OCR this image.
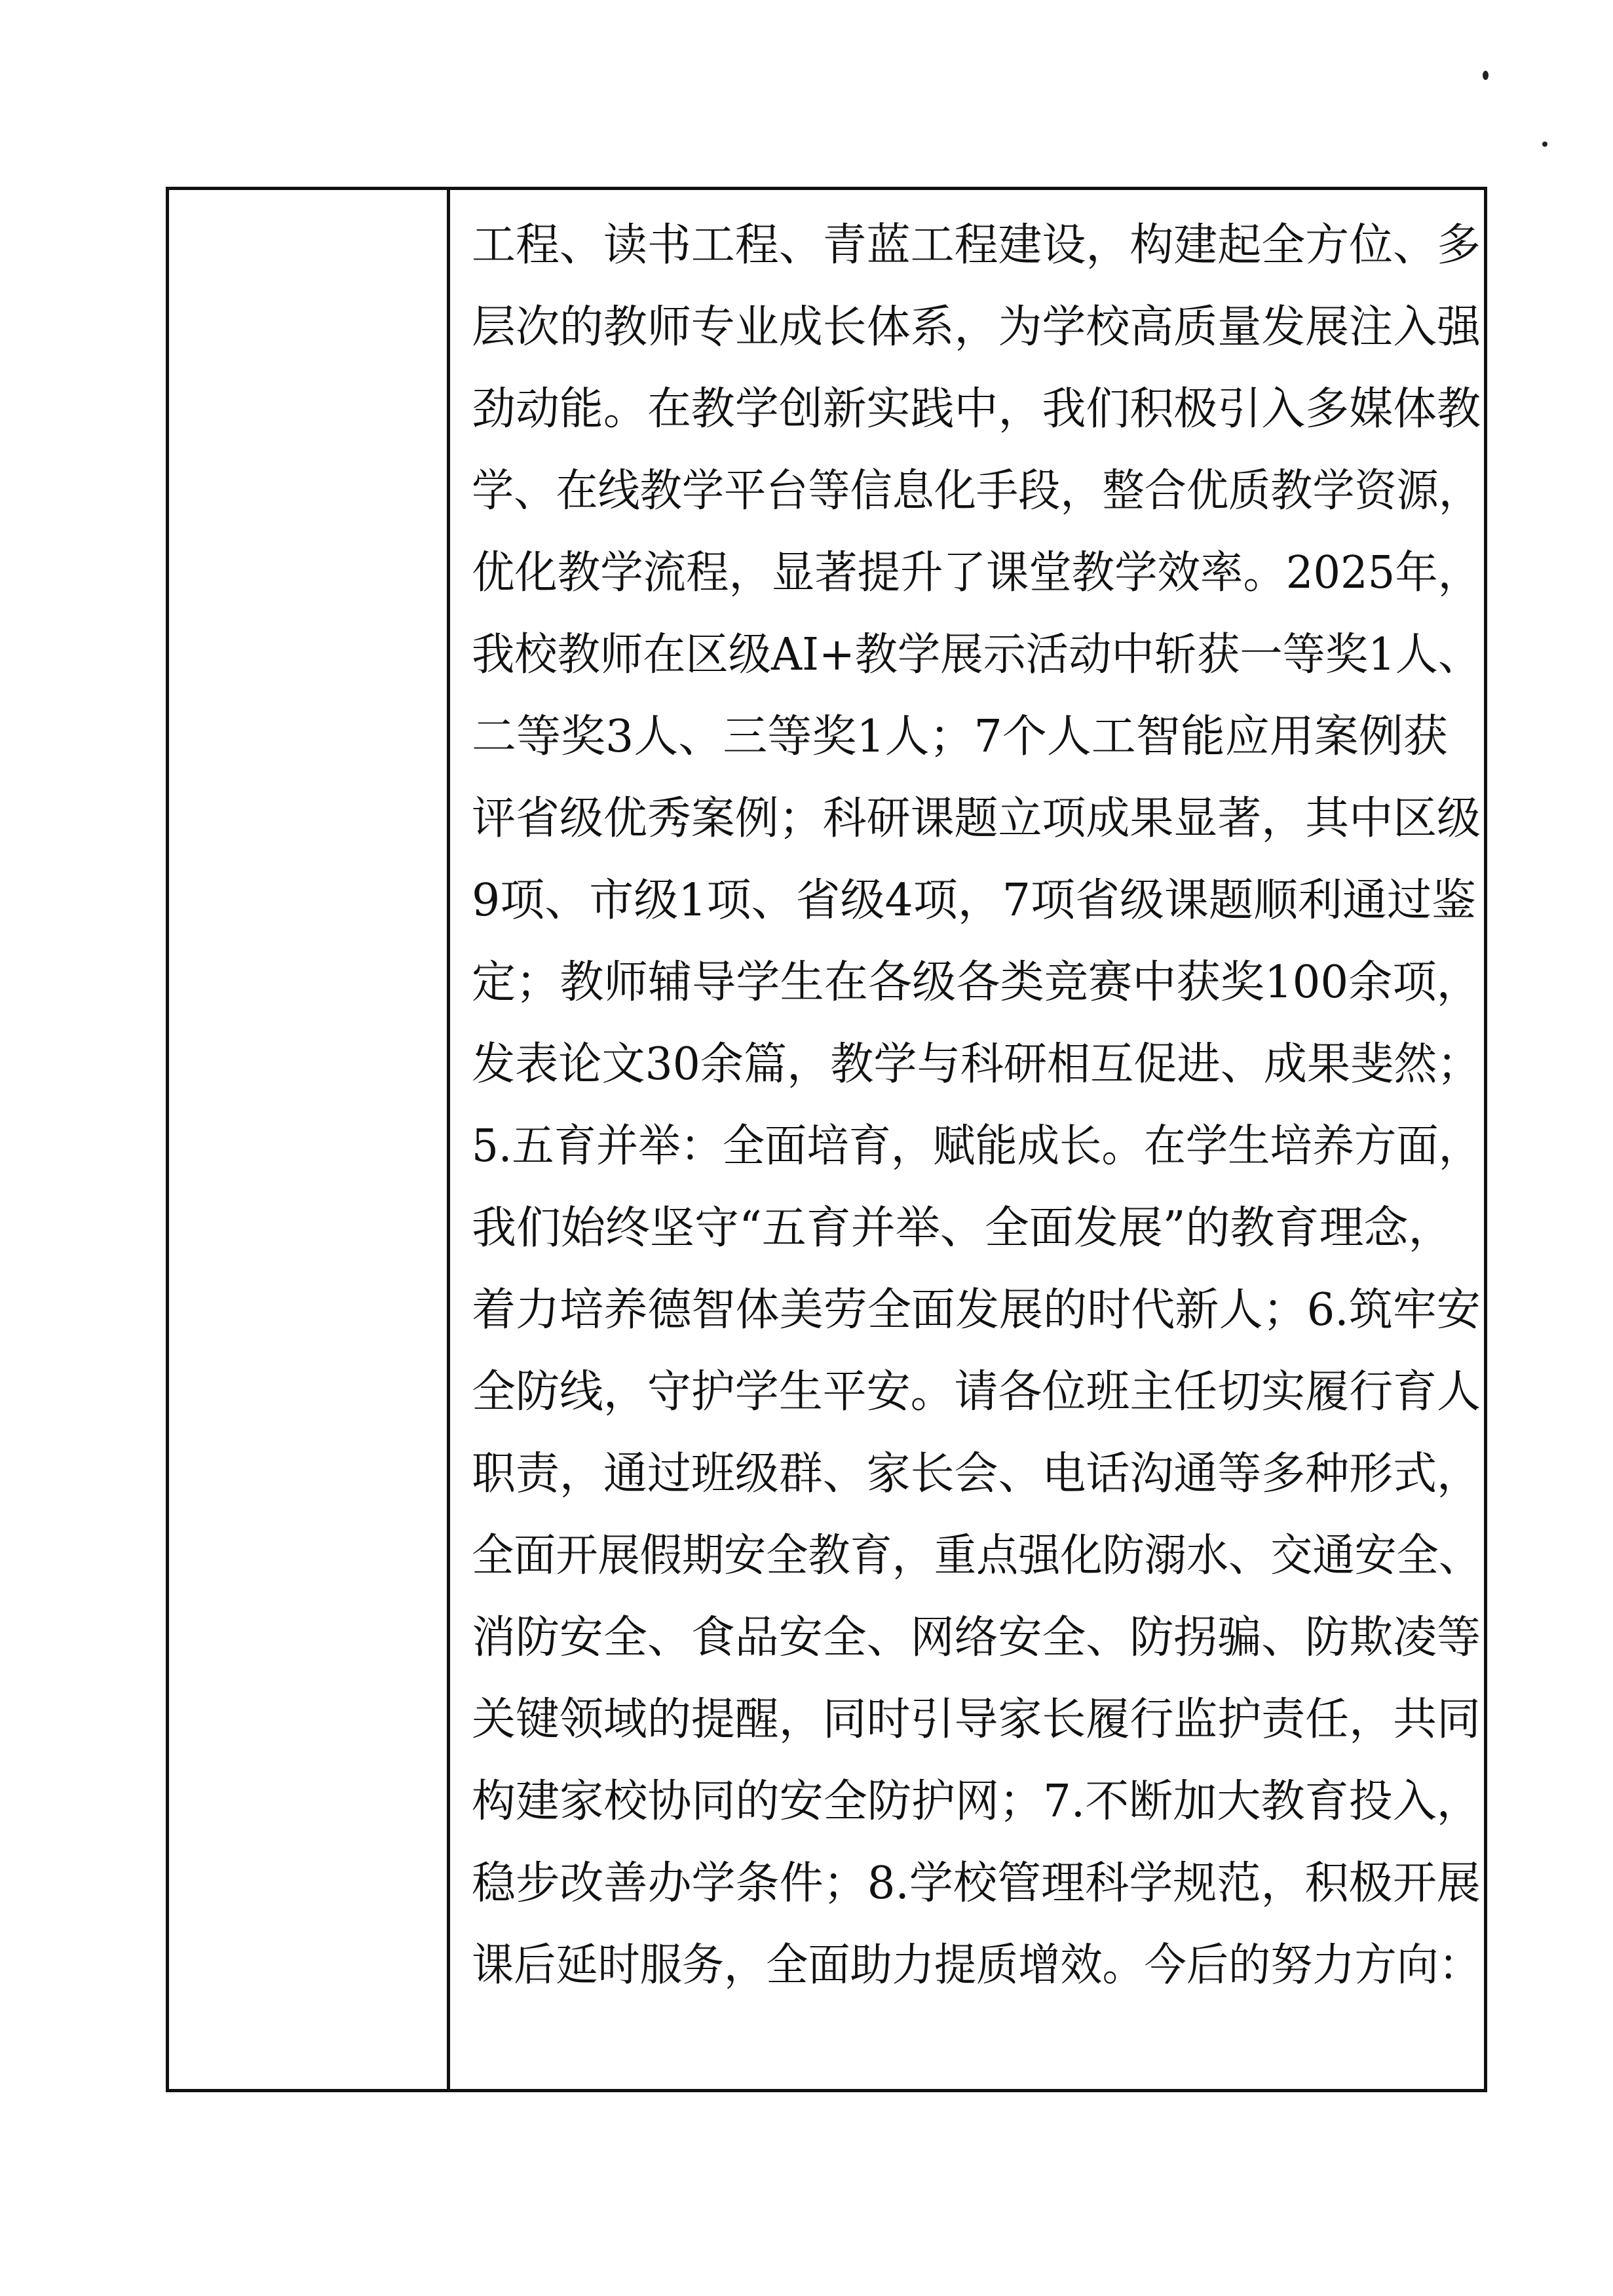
工程、读书工程、青蓝工程建设，构建起全方位、多
层次的教师专业成长体系，为学校高质量发展注入强
劲动能。在教学创新实践中，我们积极引入多媒体教
学、在线教学平台等信息化手段，整合优质教学资源，
优化教学流程，显著提升了课堂教学效率。2025年，
我校教师在区级AI+教学展示活动中斩获一等奖1人、
二等奖3人、三等奖1人；7个人工智能应用案例获
评省级优秀案例；科研课题立项成果显著，其中区级
9项、市级1项、省级4项，7项省级课题顺利通过鉴
定；教师辅导学生在各级各类竞赛中获奖100余项，
发表论文30余篇，教学与科研相互促进、成果斐然；
5.五育并举：全面培育，赋能成长。在学生培养方面，
我们始终坚守“五育并举、全面发展”的教育理念，
着力培养德智体美劳全面发展的时代新人；6.筑牢安
全防线，守护学生平安。请各位班主任切实履行育人
职责，通过班级群、家长会、电话沟通等多种形式，
全面开展假期安全教育，重点强化防溺水、交通安全、
消防安全、食品安全、网络安全、防拐骗、防欺凌等
关键领域的提醒，同时引导家长履行监护责任，共同
构建家校协同的安全防护网；7.不断加大教育投入，
稳步改善办学条件；8.学校管理科学规范，积极开展
课后延时服务，全面助力提质增效。今后的努力方向：
